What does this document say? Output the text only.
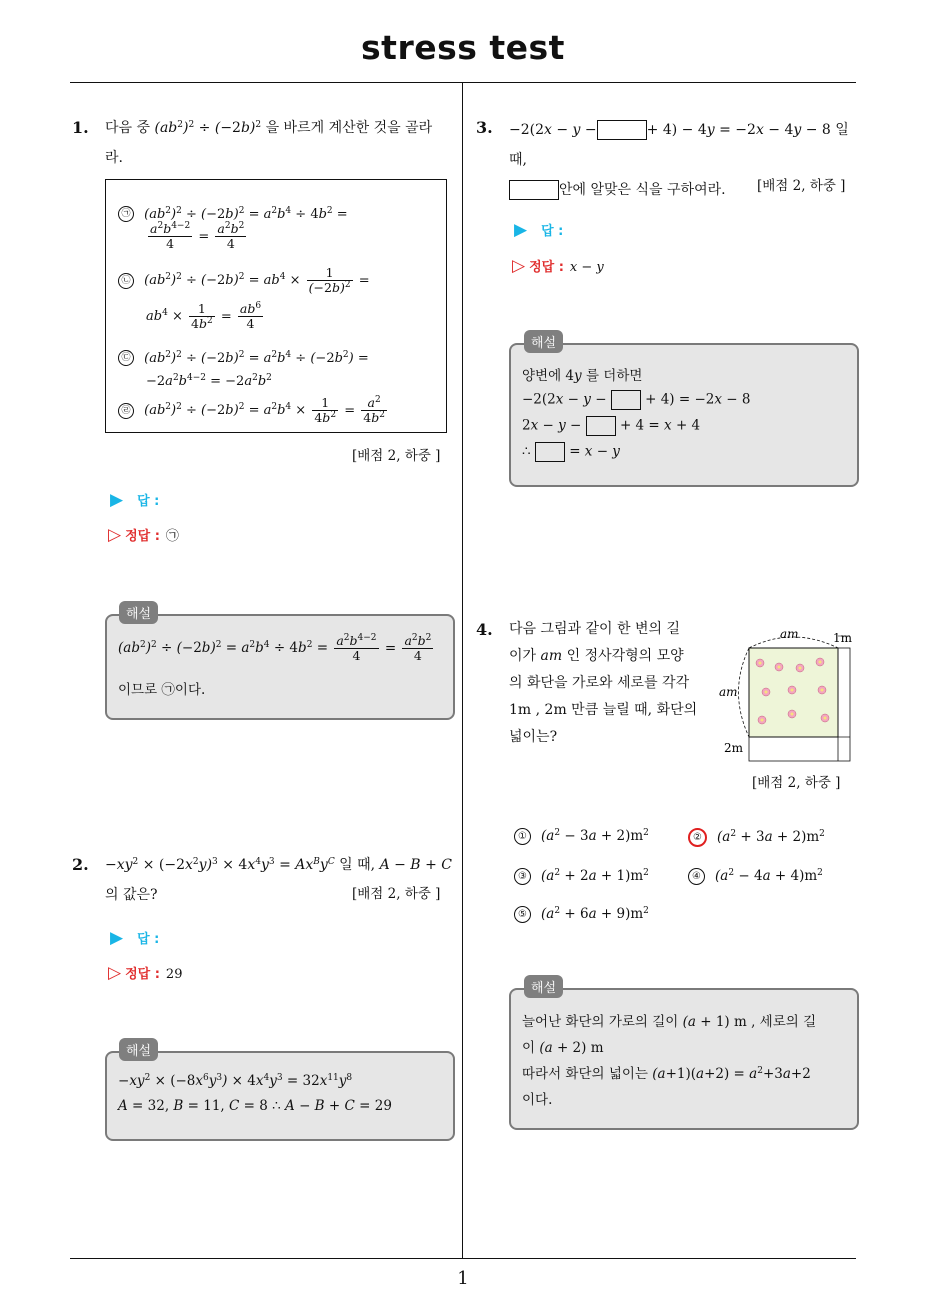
stress test
1
1. 다음 중 $(ab^2)^2 \div (-2b)^2$ 을 바르게 계산한 것을 골라
라.
㉠ $(ab^2)^2 \div (-2b)^2 = a^2b^4 \div 4b^2$ =
$\frac{a^2b^{4-2}}{4} = \frac{a^2b^2}{4}$
㉡ $(ab^2)^2 \div (-2b)^2 = ab^4 \times \frac{1}{(-2b)^2}$ =
$ab^4 \times \frac{1}{4b^2} = \frac{ab^6}{4}$
㉢ $(ab^2)^2 \div (-2b)^2 = a^2b^4 \div (-2b^2)$ =
$-2a^2b^{4-2} = -2a^2b^2$
㉣ $(ab^2)^2 \div (-2b)^2 = a^2b^4 \times \frac{1}{4b^2} = \frac{a^2}{4b^2}$
[배점 2, 하중 ]
▶ 답 :
▷ 정답 : ㉠
해설
$(ab^2)^2 \div (-2b)^2 = a^2b^4 \div 4b^2 = \frac{a^2b^{4-2}}{4} = \frac{a^2b^2}{4}$
이므로 ㉠이다.
2. $-xy^2 \times (-2x^2y)^3 \times 4x^4y^3 = Ax^By^C$ 일 때, A − B + C
의 값은?	[배점 2, 하중 ]
▶ 답 :
▷ 정답 : 29
해설
$-xy^2 \times (-8x^6y^3) \times 4x^4y^3 = 32x^{11}y^8$
A = 32, B = 11, C = 8 ∴ A − B + C = 29
3. −2(2x − y −	+ 4) − 4y = −2x − 4y − 8 일 때,
안에 알맞은 식을 구하여라.	[배점 2, 하중 ]
▶ 답 :
▷ 정답 : x − y
해설
양변에 4y 를 더하면
−2(2x − y −	+ 4) = −2x − 8
2x − y −	+ 4 = x + 4
∴	= x − y
4. 다음 그림과 같이 한 변의 길
이가 am 인 정사각형의 모양
의 화단을 가로와 세로를 각각
1m , 2m 만큼 늘릴 때, 화단의
넓이는?
am	1m
am
2m
[배점 2, 하중 ]
① $(a^2 - 3a + 2)m^2$	② $(a^2 + 3a + 2)m^2$
③ $(a^2 + 2a + 1)m^2$	④ $(a^2 - 4a + 4)m^2$
⑤ $(a^2 + 6a + 9)m^2$
해설
늘어난 화단의 가로의 길이 (a + 1) m , 세로의 길
이 (a + 2) m
따라서 화단의 넓이는 $(a+1)(a+2) = a^2+3a+2$
이다.
